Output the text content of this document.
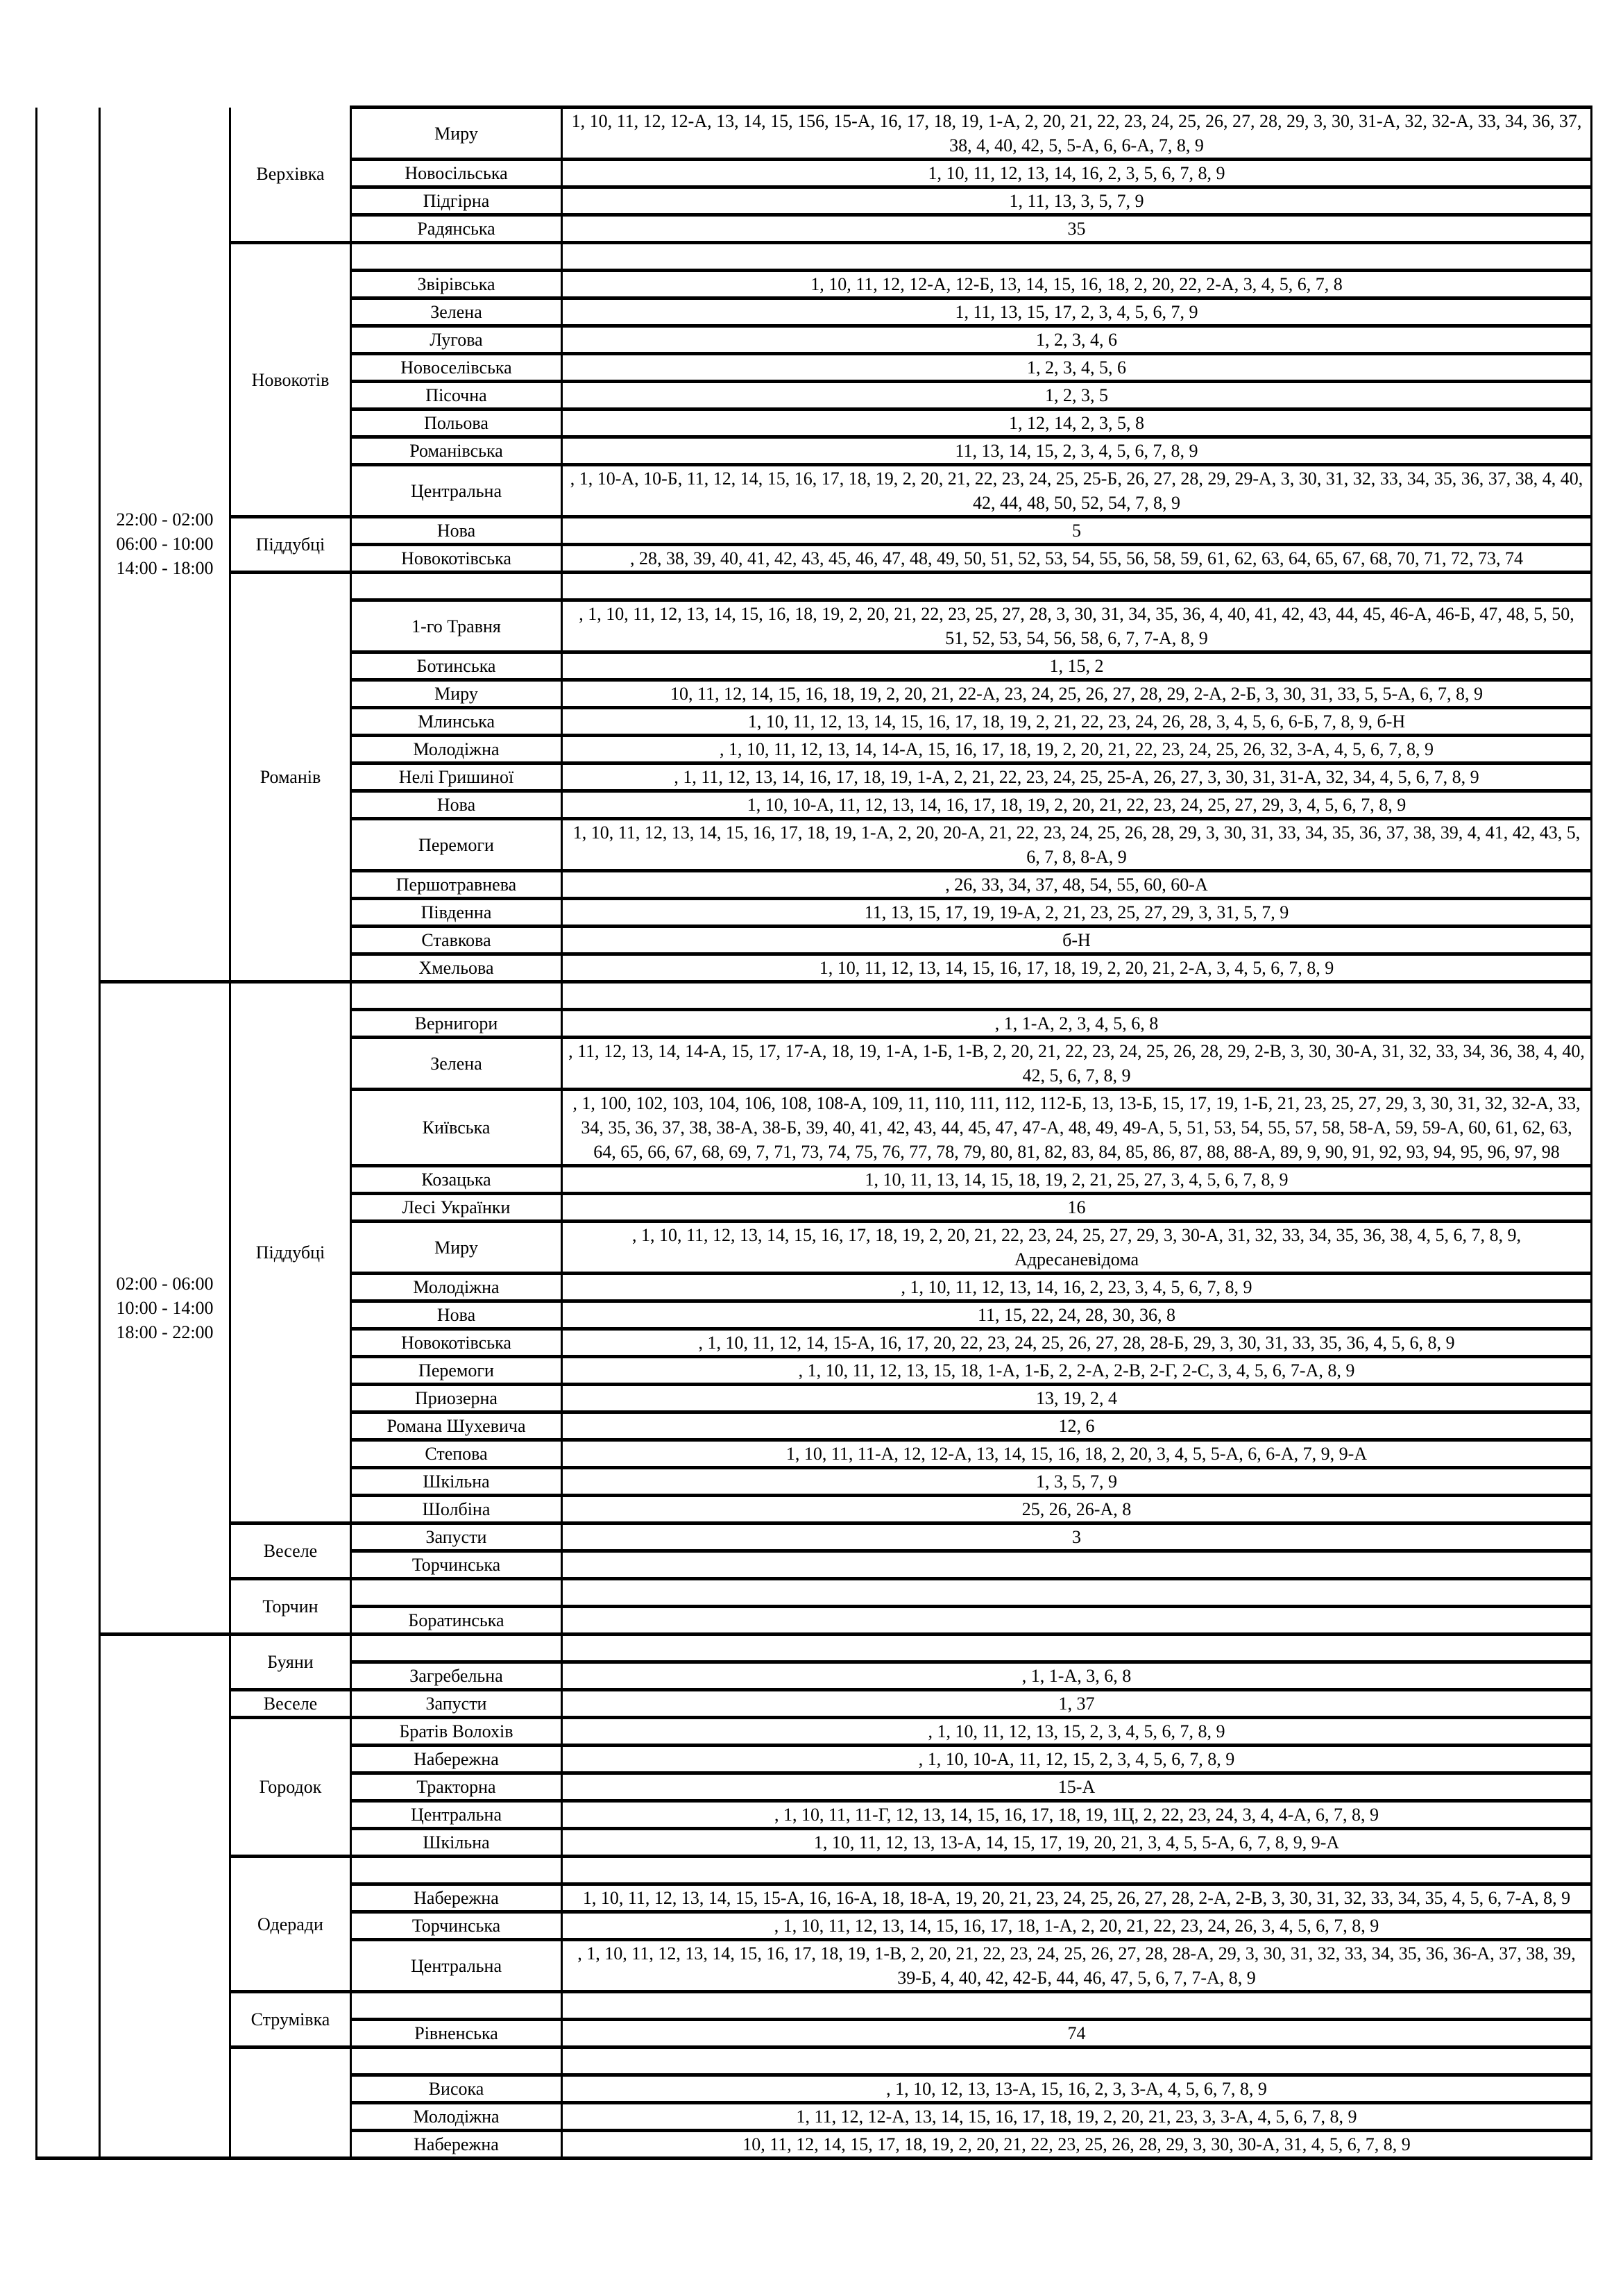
	22:00 - 02:00
06:00 - 10:00
14:00 - 18:00	Верхівка	Миру	1, 10, 11, 12, 12-А, 13, 14, 15, 156, 15-А, 16, 17, 18, 19, 1-А, 2, 20, 21, 22, 23, 24, 25, 26, 27, 28, 29, 3, 30, 31-А, 32, 32-А, 33, 34, 36, 37, 38, 4, 40, 42, 5, 5-А, 6, 6-А, 7, 8, 9
			Новосільська	1, 10, 11, 12, 13, 14, 16, 2, 3, 5, 6, 7, 8, 9
			Підгірна	1, 11, 13, 3, 5, 7, 9
			Радянська	35
		Новокотів		
			Звірівська	1, 10, 11, 12, 12-А, 12-Б, 13, 14, 15, 16, 18, 2, 20, 22, 2-А, 3, 4, 5, 6, 7, 8
			Зелена	1, 11, 13, 15, 17, 2, 3, 4, 5, 6, 7, 9
			Лугова	1, 2, 3, 4, 6
			Новоселівська	1, 2, 3, 4, 5, 6
			Пісочна	1, 2, 3, 5
			Польова	1, 12, 14, 2, 3, 5, 8
			Романівська	11, 13, 14, 15, 2, 3, 4, 5, 6, 7, 8, 9
			Центральна	, 1, 10-А, 10-Б, 11, 12, 14, 15, 16, 17, 18, 19, 2, 20, 21, 22, 23, 24, 25, 25-Б, 26, 27, 28, 29, 29-А, 3, 30, 31, 32, 33, 34, 35, 36, 37, 38, 4, 40, 42, 44, 48, 50, 52, 54, 7, 8, 9
		Піддубці	Нова	5
			Новокотівська	, 28, 38, 39, 40, 41, 42, 43, 45, 46, 47, 48, 49, 50, 51, 52, 53, 54, 55, 56, 58, 59, 61, 62, 63, 64, 65, 67, 68, 70, 71, 72, 73, 74
		Романів		
			1-го Травня	, 1, 10, 11, 12, 13, 14, 15, 16, 18, 19, 2, 20, 21, 22, 23, 25, 27, 28, 3, 30, 31, 34, 35, 36, 4, 40, 41, 42, 43, 44, 45, 46-А, 46-Б, 47, 48, 5, 50, 51, 52, 53, 54, 56, 58, 6, 7, 7-А, 8, 9
			Ботинська	1, 15, 2
			Миру	10, 11, 12, 14, 15, 16, 18, 19, 2, 20, 21, 22-А, 23, 24, 25, 26, 27, 28, 29, 2-А, 2-Б, 3, 30, 31, 33, 5, 5-А, 6, 7, 8, 9
			Млинська	1, 10, 11, 12, 13, 14, 15, 16, 17, 18, 19, 2, 21, 22, 23, 24, 26, 28, 3, 4, 5, 6, 6-Б, 7, 8, 9, б-Н
			Молодіжна	, 1, 10, 11, 12, 13, 14, 14-А, 15, 16, 17, 18, 19, 2, 20, 21, 22, 23, 24, 25, 26, 32, 3-А, 4, 5, 6, 7, 8, 9
			Нелі Гришиної	, 1, 11, 12, 13, 14, 16, 17, 18, 19, 1-А, 2, 21, 22, 23, 24, 25, 25-А, 26, 27, 3, 30, 31, 31-А, 32, 34, 4, 5, 6, 7, 8, 9
			Нова	1, 10, 10-А, 11, 12, 13, 14, 16, 17, 18, 19, 2, 20, 21, 22, 23, 24, 25, 27, 29, 3, 4, 5, 6, 7, 8, 9
			Перемоги	1, 10, 11, 12, 13, 14, 15, 16, 17, 18, 19, 1-А, 2, 20, 20-А, 21, 22, 23, 24, 25, 26, 28, 29, 3, 30, 31, 33, 34, 35, 36, 37, 38, 39, 4, 41, 42, 43, 5, 6, 7, 8, 8-А, 9
			Першотравнева	, 26, 33, 34, 37, 48, 54, 55, 60, 60-А
			Південна	11, 13, 15, 17, 19, 19-А, 2, 21, 23, 25, 27, 29, 3, 31, 5, 7, 9
			Ставкова	б-Н
			Хмельова	1, 10, 11, 12, 13, 14, 15, 16, 17, 18, 19, 2, 20, 21, 2-А, 3, 4, 5, 6, 7, 8, 9

	02:00 - 06:00
10:00 - 14:00
18:00 - 22:00	Піддубці		
			Вернигори	, 1, 1-А, 2, 3, 4, 5, 6, 8
			Зелена	, 11, 12, 13, 14, 14-А, 15, 17, 17-А, 18, 19, 1-А, 1-Б, 1-В, 2, 20, 21, 22, 23, 24, 25, 26, 28, 29, 2-В, 3, 30, 30-А, 31, 32, 33, 34, 36, 38, 4, 40, 42, 5, 6, 7, 8, 9
			Київська	, 1, 100, 102, 103, 104, 106, 108, 108-А, 109, 11, 110, 111, 112, 112-Б, 13, 13-Б, 15, 17, 19, 1-Б, 21, 23, 25, 27, 29, 3, 30, 31, 32, 32-А, 33, 34, 35, 36, 37, 38, 38-А, 38-Б, 39, 40, 41, 42, 43, 44, 45, 47, 47-А, 48, 49, 49-А, 5, 51, 53, 54, 55, 57, 58, 58-А, 59, 59-А, 60, 61, 62, 63, 64, 65, 66, 67, 68, 69, 7, 71, 73, 74, 75, 76, 77, 78, 79, 80, 81, 82, 83, 84, 85, 86, 87, 88, 88-А, 89, 9, 90, 91, 92, 93, 94, 95, 96, 97, 98
			Козацька	1, 10, 11, 13, 14, 15, 18, 19, 2, 21, 25, 27, 3, 4, 5, 6, 7, 8, 9
			Лесі Українки	16
			Миру	, 1, 10, 11, 12, 13, 14, 15, 16, 17, 18, 19, 2, 20, 21, 22, 23, 24, 25, 27, 29, 3, 30-А, 31, 32, 33, 34, 35, 36, 38, 4, 5, 6, 7, 8, 9, Адресаневідома
			Молодіжна	, 1, 10, 11, 12, 13, 14, 16, 2, 23, 3, 4, 5, 6, 7, 8, 9
			Нова	11, 15, 22, 24, 28, 30, 36, 8
			Новокотівська	, 1, 10, 11, 12, 14, 15-А, 16, 17, 20, 22, 23, 24, 25, 26, 27, 28, 28-Б, 29, 3, 30, 31, 33, 35, 36, 4, 5, 6, 8, 9
			Перемоги	, 1, 10, 11, 12, 13, 15, 18, 1-А, 1-Б, 2, 2-А, 2-В, 2-Г, 2-С, 3, 4, 5, 6, 7-А, 8, 9
			Приозерна	13, 19, 2, 4
			Романа Шухевича	12, 6
			Степова	1, 10, 11, 11-А, 12, 12-А, 13, 14, 15, 16, 18, 2, 20, 3, 4, 5, 5-А, 6, 6-А, 7, 9, 9-А
			Шкільна	1, 3, 5, 7, 9
			Шолбіна	25, 26, 26-А, 8
		Веселе	Запусти	3
			Торчинська	
		Торчин		
			Боратинська	
		Буяни		
			Загребельна	, 1, 1-А, 3, 6, 8
		Веселе	Запусти	1, 37
		Городок	Братів Волохів	, 1, 10, 11, 12, 13, 15, 2, 3, 4, 5, 6, 7, 8, 9
			Набережна	, 1, 10, 10-А, 11, 12, 15, 2, 3, 4, 5, 6, 7, 8, 9
			Тракторна	15-А
			Центральна	, 1, 10, 11, 11-Г, 12, 13, 14, 15, 16, 17, 18, 19, 1Ц, 2, 22, 23, 24, 3, 4, 4-А, 6, 7, 8, 9
			Шкільна	1, 10, 11, 12, 13, 13-А, 14, 15, 17, 19, 20, 21, 3, 4, 5, 5-А, 6, 7, 8, 9, 9-А
		Одеради		
			Набережна	1, 10, 11, 12, 13, 14, 15, 15-А, 16, 16-А, 18, 18-А, 19, 20, 21, 23, 24, 25, 26, 27, 28, 2-А, 2-В, 3, 30, 31, 32, 33, 34, 35, 4, 5, 6, 7-А, 8, 9
			Торчинська	, 1, 10, 11, 12, 13, 14, 15, 16, 17, 18, 1-А, 2, 20, 21, 22, 23, 24, 26, 3, 4, 5, 6, 7, 8, 9
			Центральна	, 1, 10, 11, 12, 13, 14, 15, 16, 17, 18, 19, 1-В, 2, 20, 21, 22, 23, 24, 25, 26, 27, 28, 28-А, 29, 3, 30, 31, 32, 33, 34, 35, 36, 36-А, 37, 38, 39, 39-Б, 4, 40, 42, 42-Б, 44, 46, 47, 5, 6, 7, 7-А, 8, 9
		Струмівка		
			Рівненська	74

			Висока	, 1, 10, 12, 13, 13-А, 15, 16, 2, 3, 3-А, 4, 5, 6, 7, 8, 9
			Молодіжна	1, 11, 12, 12-А, 13, 14, 15, 16, 17, 18, 19, 2, 20, 21, 23, 3, 3-А, 4, 5, 6, 7, 8, 9
			Набережна	10, 11, 12, 14, 15, 17, 18, 19, 2, 20, 21, 22, 23, 25, 26, 28, 29, 3, 30, 30-А, 31, 4, 5, 6, 7, 8, 9
